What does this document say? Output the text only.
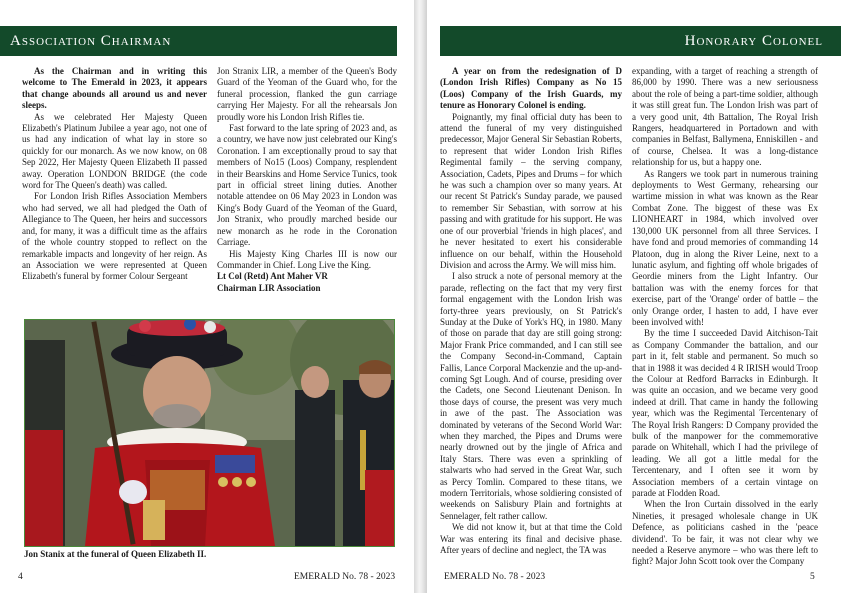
Association Chairman

As the Chairman and in writing this welcome to The Emerald in 2023, it appears that change abounds all around us and never sleeps.

As we celebrated Her Majesty Queen Elizabeth's Platinum Jubilee a year ago, not one of us had any indication of what lay in store so quickly for our monarch. As we now know, on 08 Sep 2022, Her Majesty Queen Elizabeth II passed away. Operation LONDON BRIDGE (the code word for The Queen's death) was called.

For London Irish Rifles Association Members who had served, we all had pledged the Oath of Allegiance to The Queen, her heirs and successors and, for many, it was a difficult time as the affairs of the whole country stopped to reflect on the remarkable impacts and longevity of her reign. As an Association we were represented at Queen Elizabeth's funeral by former Colour Sergeant

Jon Stranix LIR, a member of the Queen's Body Guard of the Yeoman of the Guard who, for the funeral procession, flanked the gun carriage carrying Her Majesty. For all the rehearsals Jon proudly wore his London Irish Rifles tie.

Fast forward to the late spring of 2023 and, as a country, we have now just celebrated our King's Coronation. I am exceptionally proud to say that members of No15 (Loos) Company, resplendent in their Bearskins and Home Service Tunics, took part in official street lining duties. Another notable attendee on 06 May 2023 in London was King's Body Guard of the Yeoman of the Guard, Jon Stranix, who proudly marched beside our new monarch as he rode in the Coronation Carriage.

His Majesty King Charles III is now our Commander in Chief. Long Live the King.

Lt Col (Retd) Ant Maher VR
Chairman LIR Association

Jon Stanix at the funeral of Queen Elizabeth II.
4	EMERALD No. 78 - 2023
Honorary Colonel

A year on from the redesignation of D (London Irish Rifles) Company as No 15 (Loos) Company of the Irish Guards, my tenure as Honorary Colonel is ending.

Poignantly, my final official duty has been to attend the funeral of my very distinguished predecessor, Major General Sir Sebastian Roberts, to represent that wider London Irish Rifles Regimental family – the serving company, Association, Cadets, Pipes and Drums – for which he was such a champion over so many years. At our recent St Patrick's Sunday parade, we paused to remember Sir Sebastian, with sorrow at his passing and with gratitude for his support. He was one of our proverbial 'friends in high places', and he never hesitated to exert his considerable influence on our behalf, within the Household Division and across the Army. We will miss him.

I also struck a note of personal memory at the parade, reflecting on the fact that my very first formal engagement with the London Irish was forty-three years previously, on St Patrick's Sunday at the Duke of York's HQ, in 1980. Many of those on parade that day are still going strong: Major Frank Price commanded, and I can still see the Company Second-in-Command, Captain Fallis, Lance Corporal Mackenzie and the up-and-coming Sgt Lough. And of course, presiding over the Cadets, one Second Lieutenant Denison. In those days of course, the present was very much in awe of the past. The Association was dominated by veterans of the Second World War: when they marched, the Pipes and Drums were nearly drowned out by the jingle of Africa and Italy Stars. There was even a sprinkling of stalwarts who had served in the Great War, such as Percy Tomlin. Compared to these titans, we modern Territorials, whose soldiering consisted of weekends on Salisbury Plain and fortnights at Sennelager, felt rather callow.

We did not know it, but at that time the Cold War was entering its final and decisive phase. After years of decline and neglect, the TA was

expanding, with a target of reaching a strength of 86,000 by 1990. There was a new seriousness about the role of being a part-time soldier, although it was still great fun. The London Irish was part of a very good unit, 4th Battalion, The Royal Irish Rangers, headquartered in Portadown and with companies in Belfast, Ballymena, Enniskillen - and of course, Chelsea. It was a long-distance relationship for us, but a happy one.

As Rangers we took part in numerous training deployments to West Germany, rehearsing our wartime mission in what was known as the Rear Combat Zone. The biggest of these was Ex LIONHEART in 1984, which involved over 130,000 UK personnel from all three Services. I have fond and proud memories of commanding 14 Platoon, dug in along the River Leine, next to a lunatic asylum, and fighting off whole brigades of Geordie miners from the Light Infantry. Our battalion was with the enemy forces for that exercise, part of the 'Orange' order of battle – the only Orange order, I hasten to add, I have ever been involved with!

By the time I succeeded David Aitchison-Tait as Company Commander the battalion, and our part in it, felt stable and permanent. So much so that in 1988 it was decided 4 R IRISH would Troop the Colour at Redford Barracks in Edinburgh. It was quite an occasion, and we became very good indeed at drill. That came in handy the following year, which was the Regimental Tercentenary of The Royal Irish Rangers: D Company provided the bulk of the manpower for the commemorative parade on Whitehall, which I had the privilege of leading. We all got a little medal for the Tercentenary, and I often see it worn by Association members of a certain vintage on parade at Flodden Road.

When the Iron Curtain dissolved in the early Nineties, it presaged wholesale change in UK Defence, as politicians cashed in the 'peace dividend'. To be fair, it was not clear why we needed a Reserve anymore – who was there left to fight? Major John Scott took over the Company

EMERALD No. 78 - 2023	5
